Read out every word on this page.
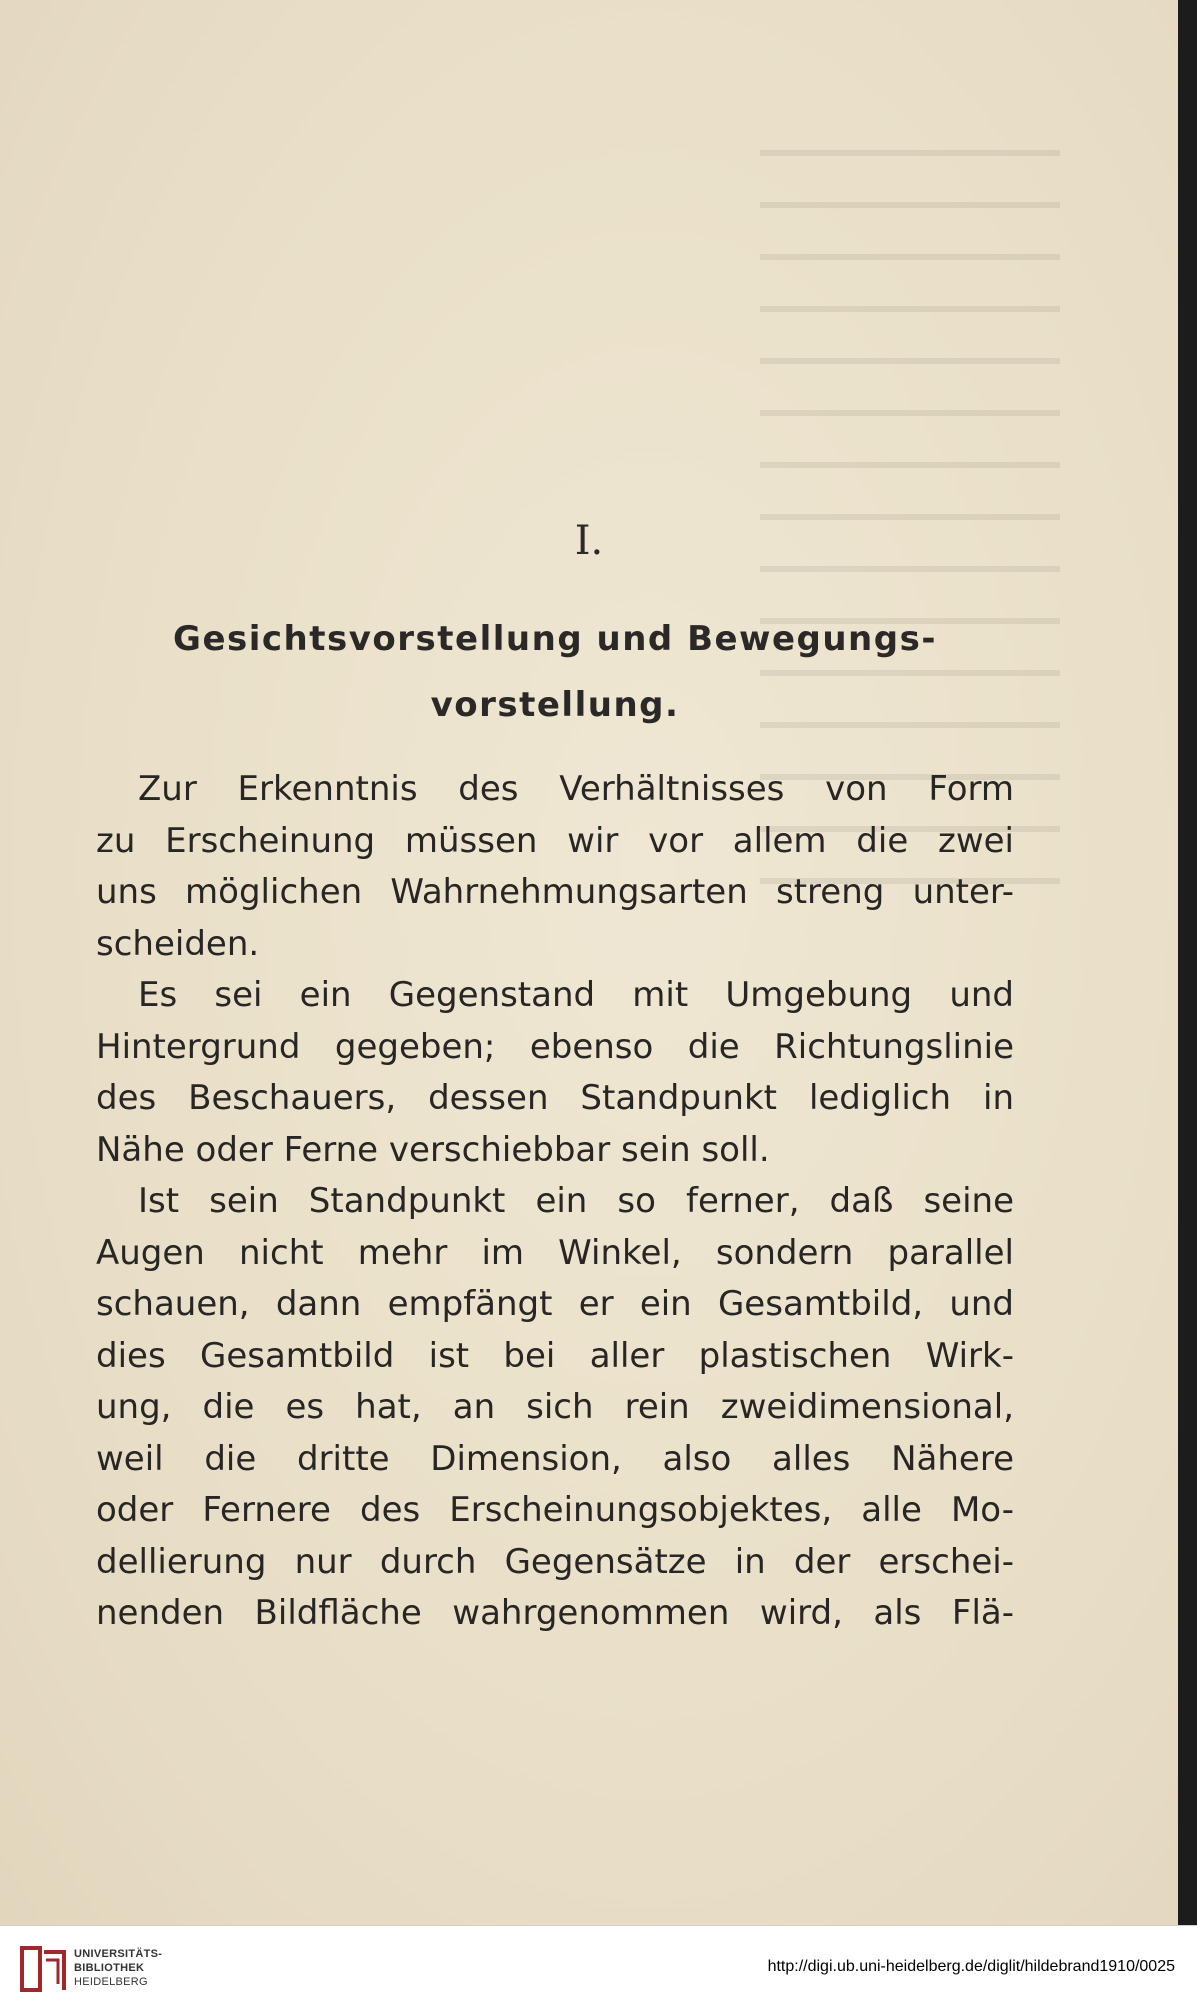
I.
Gesichtsvorstellung und Bewegungs-
vorstellung.
Zur Erkenntnis des Verhältnisses von Form
zu Erscheinung müssen wir vor allem die zwei
uns möglichen Wahrnehmungsarten streng unter-
scheiden.
Es sei ein Gegenstand mit Umgebung und
Hintergrund gegeben; ebenso die Richtungslinie
des Beschauers, dessen Standpunkt lediglich in
Nähe oder Ferne verschiebbar sein soll.
Ist sein Standpunkt ein so ferner, daß seine
Augen nicht mehr im Winkel, sondern parallel
schauen, dann empfängt er ein Gesamtbild, und
dies Gesamtbild ist bei aller plastischen Wirk-
ung, die es hat, an sich rein zweidimensional,
weil die dritte Dimension, also alles Nähere
oder Fernere des Erscheinungsobjektes, alle Mo-
dellierung nur durch Gegensätze in der erschei-
nenden Bildfläche wahrgenommen wird, als Flä-
UNIVERSITÄTS-
BIBLIOTHEK
HEIDELBERG
http://digi.ub.uni-heidelberg.de/diglit/hildebrand1910/0025
